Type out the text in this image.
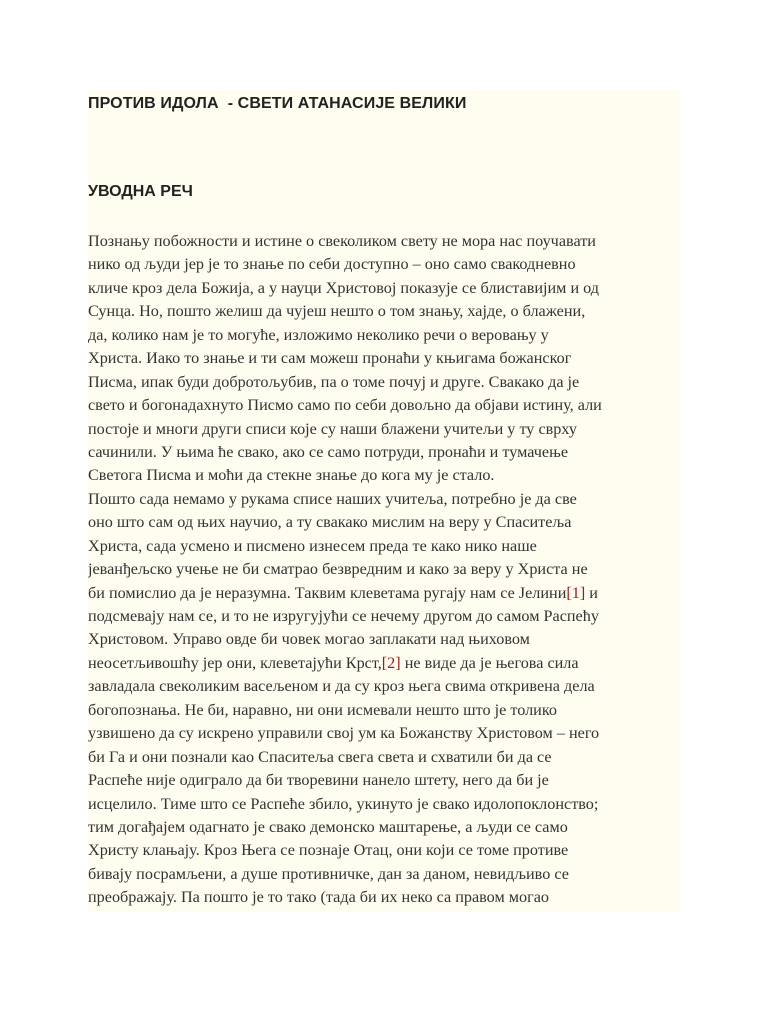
ПРОТИВ ИДОЛА  - СВЕТИ АТАНАСИЈЕ ВЕЛИКИ
УВОДНА РЕЧ
Познању побожности и истине о свеколиком свету не мора нас поучавати
нико од људи јер је то знање по себи доступно – оно само свакодневно
кличе кроз дела Божија, а у науци Христовој показује се блиставијим и од
Сунца. Но, пошто желиш да чујеш нешто о том знању, хајде, о блажени,
да, колико нам је то могуће, изложимо неколико речи о веровању у
Христа. Иако то знање и ти сам можеш пронаћи у књигама божанског
Писма, ипак буди добротољубив, па о томе почуј и друге. Свакако да је
свето и богонадахнуто Писмо само по себи довољно да објави истину, али
постоје и многи други списи које су наши блажени учитељи у ту сврху
сачинили. У њима ће свако, ако се само потруди, пронаћи и тумачење
Светога Писма и моћи да стекне знање до кога му је стало.
Пошто сада немамо у рукама списе наших учитеља, потребно је да све
оно што сам од њих научио, а ту свакако мислим на веру у Спаситеља
Христа, сада усмено и писмено изнесем преда те како нико наше
јеванђељско учење не би сматрао безвредним и како за веру у Христа не
би помислио да је неразумна. Таквим клеветама ругају нам се Јелини[1] и
подсмевају нам се, и то не изругујући се нечему другом до самом Распећу
Христовом. Управо овде би човек могао заплакати над њиховом
неосетљивошћу јер они, клеветајући Крст,[2] не виде да је његова сила
завладала свеколиким васељеном и да су кроз њега свима откривена дела
богопознања. Не би, наравно, ни они исмевали нешто што је толико
узвишено да су искрено управили свој ум ка Божанству Христовом – него
би Га и они познали као Спаситеља свега света и схватили би да се
Распеће није одиграло да би творевини нанело штету, него да би је
исцелило. Тиме што се Распеће збило, укинуто је свако идолопоклонство;
тим догађајем одагнато је свако демонско маштарење, а људи се само
Христу клањају. Кроз Њега се познаје Отац, они који се томе противе
бивају посрамљени, а душе противничке, дан за даном, невидљиво се
преображају. Па пошто је то тако (тада би их неко са правом могао
